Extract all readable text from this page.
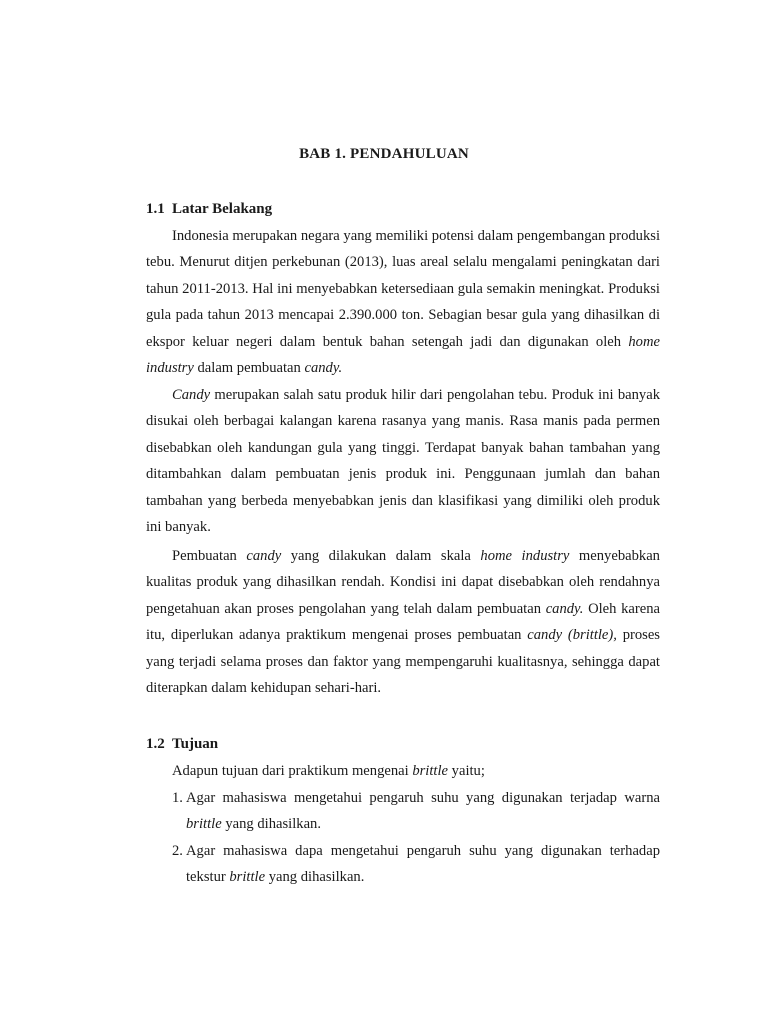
BAB 1. PENDAHULUAN
1.1 Latar Belakang

Indonesia merupakan negara yang memiliki potensi dalam pengembangan produksi tebu. Menurut ditjen perkebunan (2013), luas areal selalu mengalami peningkatan dari tahun 2011-2013. Hal ini menyebabkan ketersediaan gula semakin meningkat. Produksi gula pada tahun 2013 mencapai 2.390.000 ton. Sebagian besar gula yang dihasilkan di ekspor keluar negeri dalam bentuk bahan setengah jadi dan digunakan oleh home industry dalam pembuatan candy.

Candy merupakan salah satu produk hilir dari pengolahan tebu. Produk ini banyak disukai oleh berbagai kalangan karena rasanya yang manis. Rasa manis pada permen disebabkan oleh kandungan gula yang tinggi. Terdapat banyak bahan tambahan yang ditambahkan dalam pembuatan jenis produk ini. Penggunaan jumlah dan bahan tambahan yang berbeda menyebabkan jenis dan klasifikasi yang dimiliki oleh produk ini banyak.

Pembuatan candy yang dilakukan dalam skala home industry menyebabkan kualitas produk yang dihasilkan rendah. Kondisi ini dapat disebabkan oleh rendahnya pengetahuan akan proses pengolahan yang telah dalam pembuatan candy. Oleh karena itu, diperlukan adanya praktikum mengenai proses pembuatan candy (brittle), proses yang terjadi selama proses dan faktor yang mempengaruhi kualitasnya, sehingga dapat diterapkan dalam kehidupan sehari-hari.

1.2 Tujuan
Adapun tujuan dari praktikum mengenai brittle yaitu;
1. Agar mahasiswa mengetahui pengaruh suhu yang digunakan terjadap warna brittle yang dihasilkan.
2. Agar mahasiswa dapa mengetahui pengaruh suhu yang digunakan terhadap tekstur brittle yang dihasilkan.
